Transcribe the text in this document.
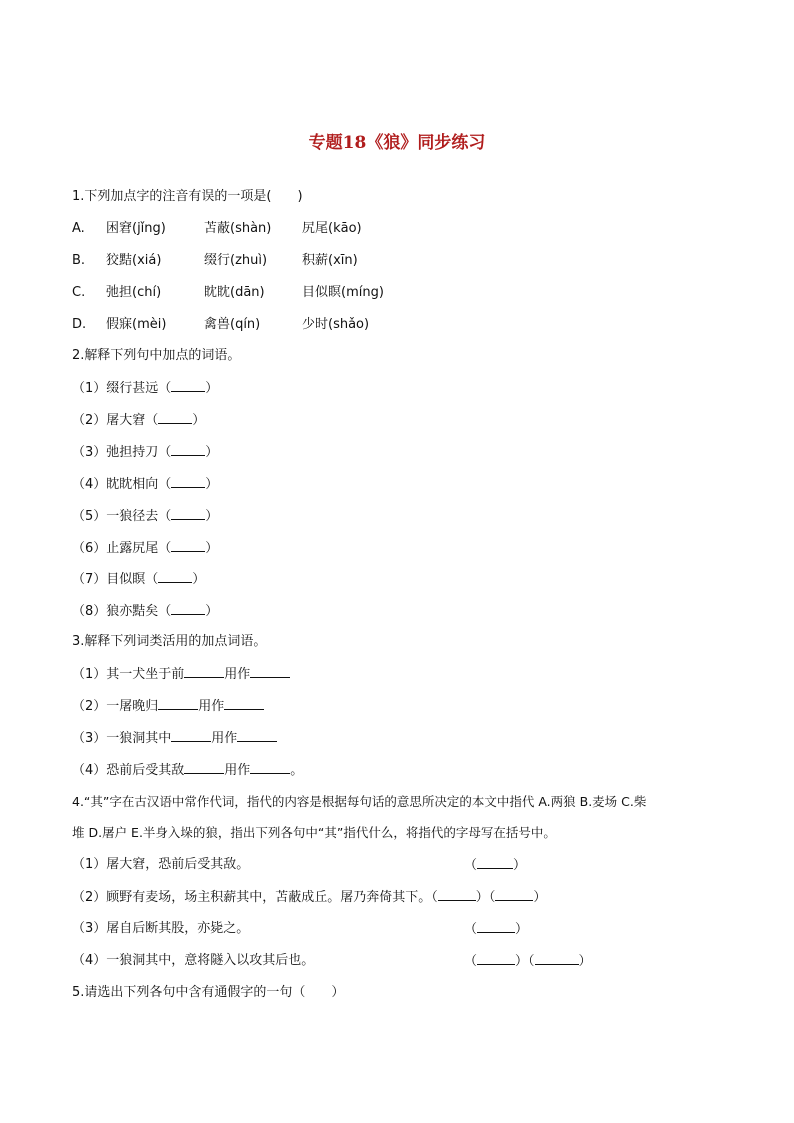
专题18《狼》同步练习
1.下列加点字的注音有误的一项是(　　)
A. 困窘(jǐng)	苫蔽(shàn) 尻尾(kāo)
B. 狡黠(xiá)	缀行(zhuì)	积薪(xīn)
C. 弛担(chí)	眈眈(dān)	目似瞑(míng)
D. 假寐(mèi)	禽兽(qín)	少时(shǎo)
2.解释下列句中加点的词语。
（1）缀行甚远（	）
（2）屠大窘（	）
（3）弛担持刀（	）
（4）眈眈相向（	）
（5）一狼径去（	）
（6）止露尻尾（	）
（7）目似瞑（	）
（8）狼亦黠矣（	）
3.解释下列词类活用的加点词语。
（1）其一犬坐于前	用作
（2）一屠晚归	用作
（3）一狼洞其中	用作
（4）恐前后受其敌	用作	。
4.“其”字在古汉语中常作代词，指代的内容是根据每句话的意思所决定的本文中指代 A.两狼 B.麦场 C.柴
堆 D.屠户 E.半身入垛的狼，指出下列各句中“其”指代什么，将指代的字母写在括号中。
（1）屠大窘，恐前后受其敌。	（	）
（2）顾野有麦场，场主积薪其中，苫蔽成丘。屠乃奔倚其下。（	）（	）
（3）屠自后断其股，亦毙之。	（	）
（4）一狼洞其中，意将隧入以攻其后也。	（	）（	）
5.请选出下列各句中含有通假字的一句（　　）
